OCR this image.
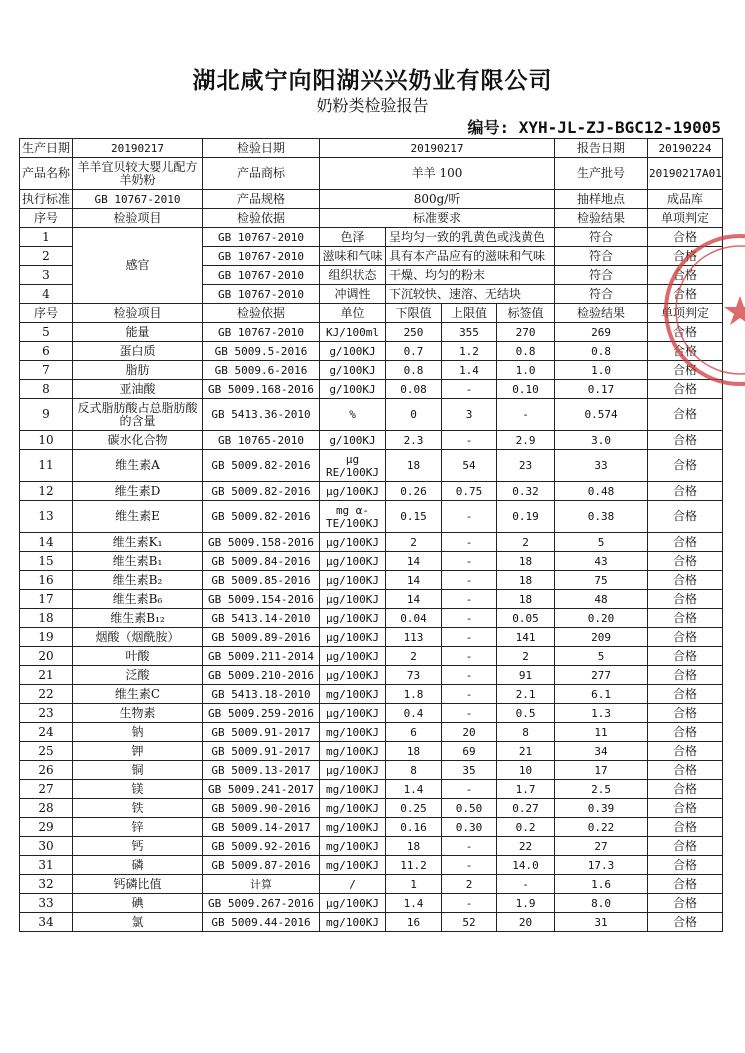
湖北咸宁向阳湖兴兴奶业有限公司
奶粉类检验报告
编号: XYH-JL-ZJ-BGC12-19005
生产日期	20190217	检验日期	20190217				报告日期	20190224
产品名称	羊羊宜贝较大婴儿配方羊奶粉	产品商标	羊羊 100				生产批号	20190217A01
执行标准	GB 10767-2010	产品规格	800g/听				抽样地点	成品库
序号	检验项目	检验依据	标准要求				检验结果	单项判定
1	感官	GB 10767-2010	色泽	呈均匀一致的乳黄色或浅黄色			符合	合格
2		GB 10767-2010	滋味和气味	具有本产品应有的滋味和气味			符合	合格
3		GB 10767-2010	组织状态	干燥、均匀的粉末			符合	合格
4		GB 10767-2010	冲调性	下沉较快、速溶、无结块			符合	合格
序号	检验项目	检验依据	单位	下限值	上限值	标签值	检验结果	单项判定
5	能量	GB 10767-2010	KJ/100ml	250	355	270	269	合格
6	蛋白质	GB 5009.5-2016	g/100KJ	0.7	1.2	0.8	0.8	合格
7	脂肪	GB 5009.6-2016	g/100KJ	0.8	1.4	1.0	1.0	合格
8	亚油酸	GB 5009.168-2016	g/100KJ	0.08	-	0.10	0.17	合格
9	反式脂肪酸占总脂肪酸的含量	GB 5413.36-2010	%	0	3	-	0.574	合格
10	碳水化合物	GB 10765-2010	g/100KJ	2.3	-	2.9	3.0	合格
11	维生素A	GB 5009.82-2016	μg RE/100KJ	18	54	23	33	合格
12	维生素D	GB 5009.82-2016	μg/100KJ	0.26	0.75	0.32	0.48	合格
13	维生素E	GB 5009.82-2016	mg α-TE/100KJ	0.15	-	0.19	0.38	合格
14	维生素K₁	GB 5009.158-2016	μg/100KJ	2	-	2	5	合格
15	维生素B₁	GB 5009.84-2016	μg/100KJ	14	-	18	43	合格
16	维生素B₂	GB 5009.85-2016	μg/100KJ	14	-	18	75	合格
17	维生素B₆	GB 5009.154-2016	μg/100KJ	14	-	18	48	合格
18	维生素B₁₂	GB 5413.14-2010	μg/100KJ	0.04	-	0.05	0.20	合格
19	烟酸（烟酰胺）	GB 5009.89-2016	μg/100KJ	113	-	141	209	合格
20	叶酸	GB 5009.211-2014	μg/100KJ	2	-	2	5	合格
21	泛酸	GB 5009.210-2016	μg/100KJ	73	-	91	277	合格
22	维生素C	GB 5413.18-2010	mg/100KJ	1.8	-	2.1	6.1	合格
23	生物素	GB 5009.259-2016	μg/100KJ	0.4	-	0.5	1.3	合格
24	钠	GB 5009.91-2017	mg/100KJ	6	20	8	11	合格
25	钾	GB 5009.91-2017	mg/100KJ	18	69	21	34	合格
26	铜	GB 5009.13-2017	μg/100KJ	8	35	10	17	合格
27	镁	GB 5009.241-2017	mg/100KJ	1.4	-	1.7	2.5	合格
28	铁	GB 5009.90-2016	mg/100KJ	0.25	0.50	0.27	0.39	合格
29	锌	GB 5009.14-2017	mg/100KJ	0.16	0.30	0.2	0.22	合格
30	钙	GB 5009.92-2016	mg/100KJ	18	-	22	27	合格
31	磷	GB 5009.87-2016	mg/100KJ	11.2	-	14.0	17.3	合格
32	钙磷比值	计算	/	1	2	-	1.6	合格
33	碘	GB 5009.267-2016	μg/100KJ	1.4	-	1.9	8.0	合格
34	氯	GB 5009.44-2016	mg/100KJ	16	52	20	31	合格
